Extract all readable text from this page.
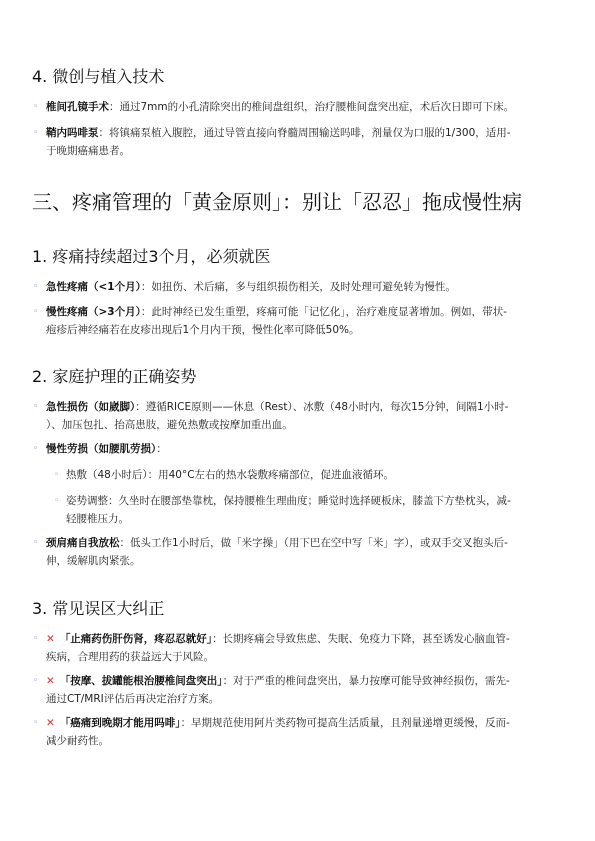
4. 微创与植入技术
◦ 椎间孔镜手术：通过7mm的小孔清除突出的椎间盘组织，治疗腰椎间盘突出症，术后次日即可下床。
◦ 鞘内吗啡泵：将镇痛泵植入腹腔，通过导管直接向脊髓周围输送吗啡，剂量仅为口服的1/300，适用-
于晚期癌痛患者。
三、疼痛管理的「黄金原则」：别让「忍忍」拖成慢性病
1. 疼痛持续超过3个月，必须就医
◦ 急性疼痛（<1个月）：如扭伤、术后痛，多与组织损伤相关，及时处理可避免转为慢性。
◦ 慢性疼痛（>3个月）：此时神经已发生重塑，疼痛可能「记忆化」，治疗难度显著增加。例如，带状-
疱疹后神经痛若在皮疹出现后1个月内干预，慢性化率可降低50%。
2. 家庭护理的正确姿势
◦ 急性损伤（如崴脚）：遵循RICE原则——休息（Rest）、冰敷（48小时内，每次15分钟，间隔1小时-
）、加压包扎、抬高患肢，避免热敷或按摩加重出血。
◦ 慢性劳损（如腰肌劳损）：
◦ 热敷（48小时后）：用40°C左右的热水袋敷疼痛部位，促进血液循环。
◦ 姿势调整：久坐时在腰部垫靠枕，保持腰椎生理曲度；睡觉时选择硬板床，膝盖下方垫枕头，减-
轻腰椎压力。
◦ 颈肩痛自我放松：低头工作1小时后，做「米字操」（用下巴在空中写「米」字），或双手交叉抱头后-
伸，缓解肌肉紧张。
3. 常见误区大纠正
◦ ✕ 「止痛药伤肝伤肾，疼忍忍就好」：长期疼痛会导致焦虑、失眠、免疫力下降，甚至诱发心脑血管-
疾病，合理用药的获益远大于风险。
◦ ✕ 「按摩、拔罐能根治腰椎间盘突出」：对于严重的椎间盘突出，暴力按摩可能导致神经损伤，需先-
通过CT/MRI评估后再决定治疗方案。
◦ ✕ 「癌痛到晚期才能用吗啡」：早期规范使用阿片类药物可提高生活质量，且剂量递增更缓慢，反而-
减少耐药性。
